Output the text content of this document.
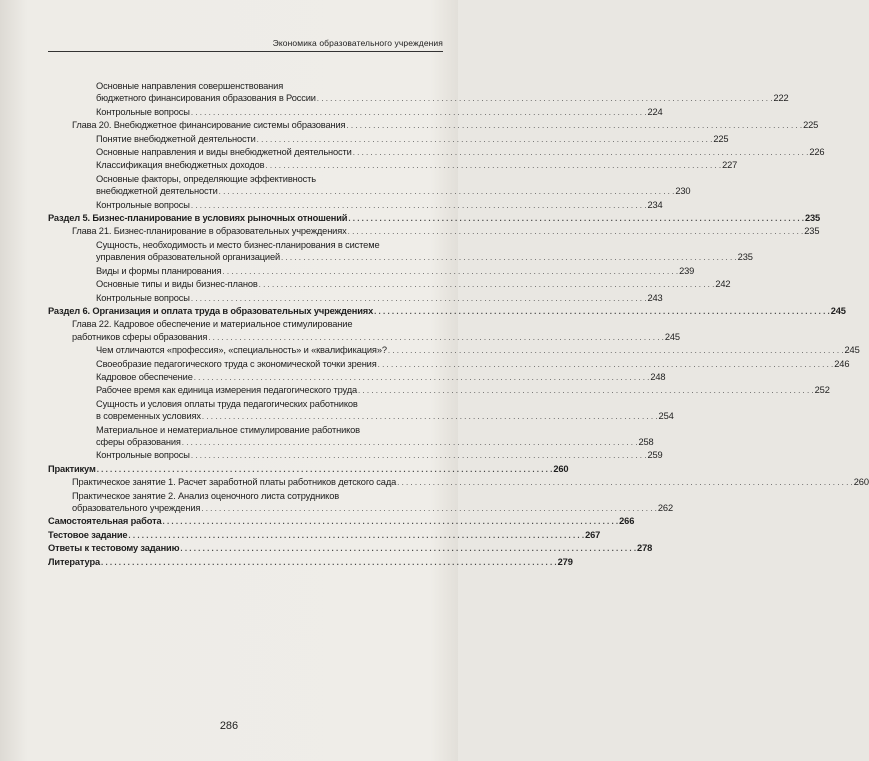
Экономика образовательного учреждения
Основные направления совершенствования
бюджетного финансирования образования в России . . .	222
Контрольные вопросы . . .	224
Глава 20. Внебюджетное финансирование системы образования . . .	225
Понятие внебюджетной деятельности . . .	225
Основные направления и виды внебюджетной деятельности . . .	226
Классификация внебюджетных доходов . . .	227
Основные факторы, определяющие эффективность
внебюджетной деятельности . . .	230
Контрольные вопросы . . .	234
Раздел 5. Бизнес-планирование в условиях рыночных отношений . . .	235
Глава 21. Бизнес-планирование в образовательных учреждениях . . .	235
Сущность, необходимость и место бизнес-планирования в системе
управления образовательной организацией . . .	235
Виды и формы планирования . . .	239
Основные типы и виды бизнес-планов . . .	242
Контрольные вопросы . . .	243
Раздел 6. Организация и оплата труда в образовательных учреждениях . . .	245
Глава 22. Кадровое обеспечение и материальное стимулирование
работников сферы образования . . .	245
Чем отличаются «профессия», «специальность» и «квалификация»? . . .	245
Своеобразие педагогического труда с экономической точки зрения . . .	246
Кадровое обеспечение . . .	248
Рабочее время как единица измерения педагогического труда . . .	252
Сущность и условия оплаты труда педагогических работников
в современных условиях . . .	254
Материальное и нематериальное стимулирование работников
сферы образования . . .	258
Контрольные вопросы . . .	259
Практикум . . .	260
Практическое занятие 1. Расчет заработной платы работников детского сада . . .	260
Практическое занятие 2. Анализ оценочного листа сотрудников
образовательного учреждения . . .	262
Самостоятельная работа . . .	266
Тестовое задание . . .	267
Ответы к тестовому заданию . . .	278
Литература . . .	279
286
